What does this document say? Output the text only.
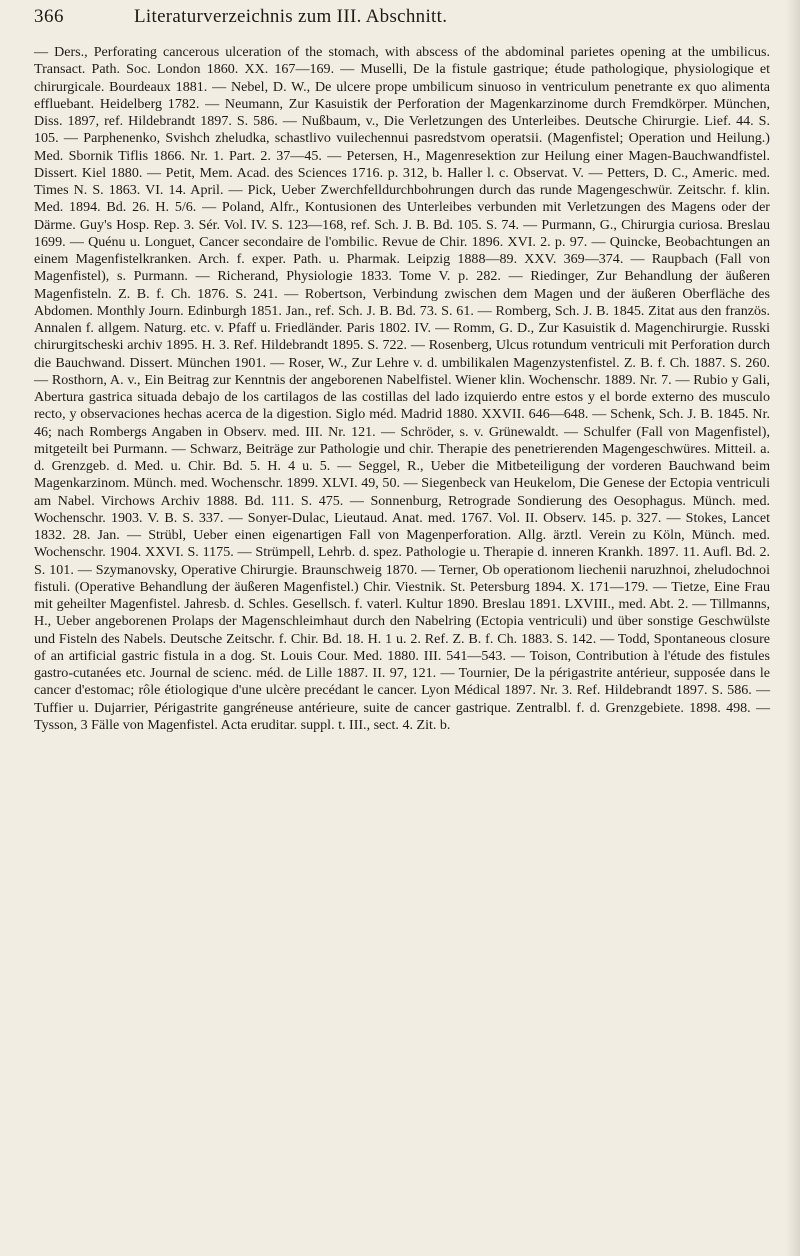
366	Literaturverzeichnis zum III. Abschnitt.

— Ders., Perforating cancerous ulceration of the stomach, with abscess of the abdominal parietes opening at the umbilicus. Transact. Path. Soc. London 1860. XX. 167—169. — Muselli, De la fistule gastrique; étude pathologique, physiologique et chirurgicale. Bourdeaux 1881. — Nebel, D. W., De ulcere prope umbilicum sinuoso in ventriculum penetrante ex quo alimenta effluebant. Heidelberg 1782. — Neumann, Zur Kasuistik der Perforation der Magenkarzinome durch Fremdkörper. München, Diss. 1897, ref. Hildebrandt 1897. S. 586. — Nußbaum, v., Die Verletzungen des Unterleibes. Deutsche Chirurgie. Lief. 44. S. 105. — Parphenenko, Svishch zheludka, schastlivo vuilechennui pasredstvom operatsii. (Magenfistel; Operation und Heilung.) Med. Sbornik Tiflis 1866. Nr. 1. Part. 2. 37—45. — Petersen, H., Magenresektion zur Heilung einer Magen-Bauchwandfistel. Dissert. Kiel 1880. — Petit, Mem. Acad. des Sciences 1716. p. 312, b. Haller l. c. Observat. V. — Petters, D. C., Americ. med. Times N. S. 1863. VI. 14. April. — Pick, Ueber Zwerchfelldurchbohrungen durch das runde Magengeschwür. Zeitschr. f. klin. Med. 1894. Bd. 26. H. 5/6. — Poland, Alfr., Kontusionen des Unterleibes verbunden mit Verletzungen des Magens oder der Därme. Guy's Hosp. Rep. 3. Sér. Vol. IV. S. 123—168, ref. Sch. J. B. Bd. 105. S. 74. — Purmann, G., Chirurgia curiosa. Breslau 1699. — Quénu u. Longuet, Cancer secondaire de l'ombilic. Revue de Chir. 1896. XVI. 2. p. 97. — Quincke, Beobachtungen an einem Magenfistelkranken. Arch. f. exper. Path. u. Pharmak. Leipzig 1888—89. XXV. 369—374. — Raupbach (Fall von Magenfistel), s. Purmann. — Richerand, Physiologie 1833. Tome V. p. 282. — Riedinger, Zur Behandlung der äußeren Magenfisteln. Z. B. f. Ch. 1876. S. 241. — Robertson, Verbindung zwischen dem Magen und der äußeren Oberfläche des Abdomen. Monthly Journ. Edinburgh 1851. Jan., ref. Sch. J. B. Bd. 73. S. 61. — Romberg, Sch. J. B. 1845. Zitat aus den französ. Annalen f. allgem. Naturg. etc. v. Pfaff u. Friedländer. Paris 1802. IV. — Romm, G. D., Zur Kasuistik d. Magenchirurgie. Russki chirurgitscheski archiv 1895. H. 3. Ref. Hildebrandt 1895. S. 722. — Rosenberg, Ulcus rotundum ventriculi mit Perforation durch die Bauchwand. Dissert. München 1901. — Roser, W., Zur Lehre v. d. umbilikalen Magenzystenfistel. Z. B. f. Ch. 1887. S. 260. — Rosthorn, A. v., Ein Beitrag zur Kenntnis der angeborenen Nabelfistel. Wiener klin. Wochenschr. 1889. Nr. 7. — Rubio y Gali, Abertura gastrica situada debajo de los cartilagos de las costillas del lado izquierdo entre estos y el borde externo des musculo recto, y observaciones hechas acerca de la digestion. Siglo méd. Madrid 1880. XXVII. 646—648. — Schenk, Sch. J. B. 1845. Nr. 46; nach Rombergs Angaben in Observ. med. III. Nr. 121. — Schröder, s. v. Grünewaldt. — Schulfer (Fall von Magenfistel), mitgeteilt bei Purmann. — Schwarz, Beiträge zur Pathologie und chir. Therapie des penetrierenden Magengeschwüres. Mitteil. a. d. Grenzgeb. d. Med. u. Chir. Bd. 5. H. 4 u. 5. — Seggel, R., Ueber die Mitbeteiligung der vorderen Bauchwand beim Magenkarzinom. Münch. med. Wochenschr. 1899. XLVI. 49, 50. — Siegenbeck van Heukelom, Die Genese der Ectopia ventriculi am Nabel. Virchows Archiv 1888. Bd. 111. S. 475. — Sonnenburg, Retrograde Sondierung des Oesophagus. Münch. med. Wochenschr. 1903. V. B. S. 337. — Sonyer-Dulac, Lieutaud. Anat. med. 1767. Vol. II. Observ. 145. p. 327. — Stokes, Lancet 1832. 28. Jan. — Strübl, Ueber einen eigenartigen Fall von Magenperforation. Allg. ärztl. Verein zu Köln, Münch. med. Wochenschr. 1904. XXVI. S. 1175. — Strümpell, Lehrb. d. spez. Pathologie u. Therapie d. inneren Krankh. 1897. 11. Aufl. Bd. 2. S. 101. — Szymanovsky, Operative Chirurgie. Braunschweig 1870. — Terner, Ob operationom liechenii naruzhnoi, zheludochnoi fistuli. (Operative Behandlung der äußeren Magenfistel.) Chir. Viestnik. St. Petersburg 1894. X. 171—179. — Tietze, Eine Frau mit geheilter Magenfistel. Jahresb. d. Schles. Gesellsch. f. vaterl. Kultur 1890. Breslau 1891. LXVIII., med. Abt. 2. — Tillmanns, H., Ueber angeborenen Prolaps der Magenschleimhaut durch den Nabelring (Ectopia ventriculi) und über sonstige Geschwülste und Fisteln des Nabels. Deutsche Zeitschr. f. Chir. Bd. 18. H. 1 u. 2. Ref. Z. B. f. Ch. 1883. S. 142. — Todd, Spontaneous closure of an artificial gastric fistula in a dog. St. Louis Cour. Med. 1880. III. 541—543. — Toison, Contribution à l'étude des fistules gastro-cutanées etc. Journal de scienc. méd. de Lille 1887. II. 97, 121. — Tournier, De la périgastrite antérieur, supposée dans le cancer d'estomac; rôle étiologique d'une ulcère precédant le cancer. Lyon Médical 1897. Nr. 3. Ref. Hildebrandt 1897. S. 586. — Tuffier u. Dujarrier, Périgastrite gangréneuse antérieure, suite de cancer gastrique. Zentralbl. f. d. Grenzgebiete. 1898. 498. — Tysson, 3 Fälle von Magenfistel. Acta eruditar. suppl. t. III., sect. 4. Zit. b.
